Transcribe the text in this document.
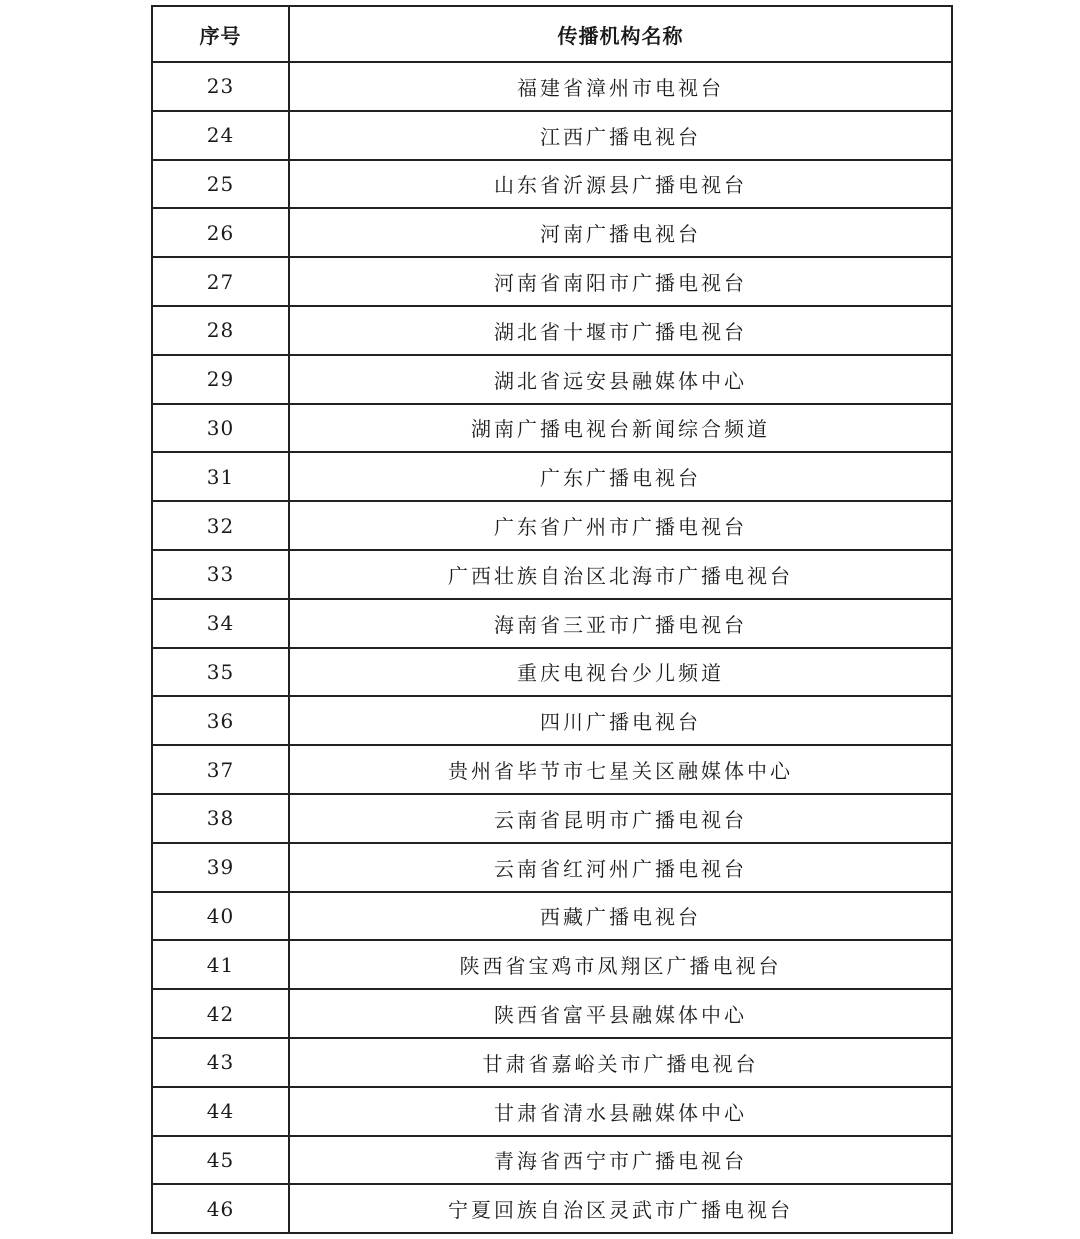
序号	传播机构名称
23	福建省漳州市电视台
24	江西广播电视台
25	山东省沂源县广播电视台
26	河南广播电视台
27	河南省南阳市广播电视台
28	湖北省十堰市广播电视台
29	湖北省远安县融媒体中心
30	湖南广播电视台新闻综合频道
31	广东广播电视台
32	广东省广州市广播电视台
33	广西壮族自治区北海市广播电视台
34	海南省三亚市广播电视台
35	重庆电视台少儿频道
36	四川广播电视台
37	贵州省毕节市七星关区融媒体中心
38	云南省昆明市广播电视台
39	云南省红河州广播电视台
40	西藏广播电视台
41	陕西省宝鸡市凤翔区广播电视台
42	陕西省富平县融媒体中心
43	甘肃省嘉峪关市广播电视台
44	甘肃省清水县融媒体中心
45	青海省西宁市广播电视台
46	宁夏回族自治区灵武市广播电视台
